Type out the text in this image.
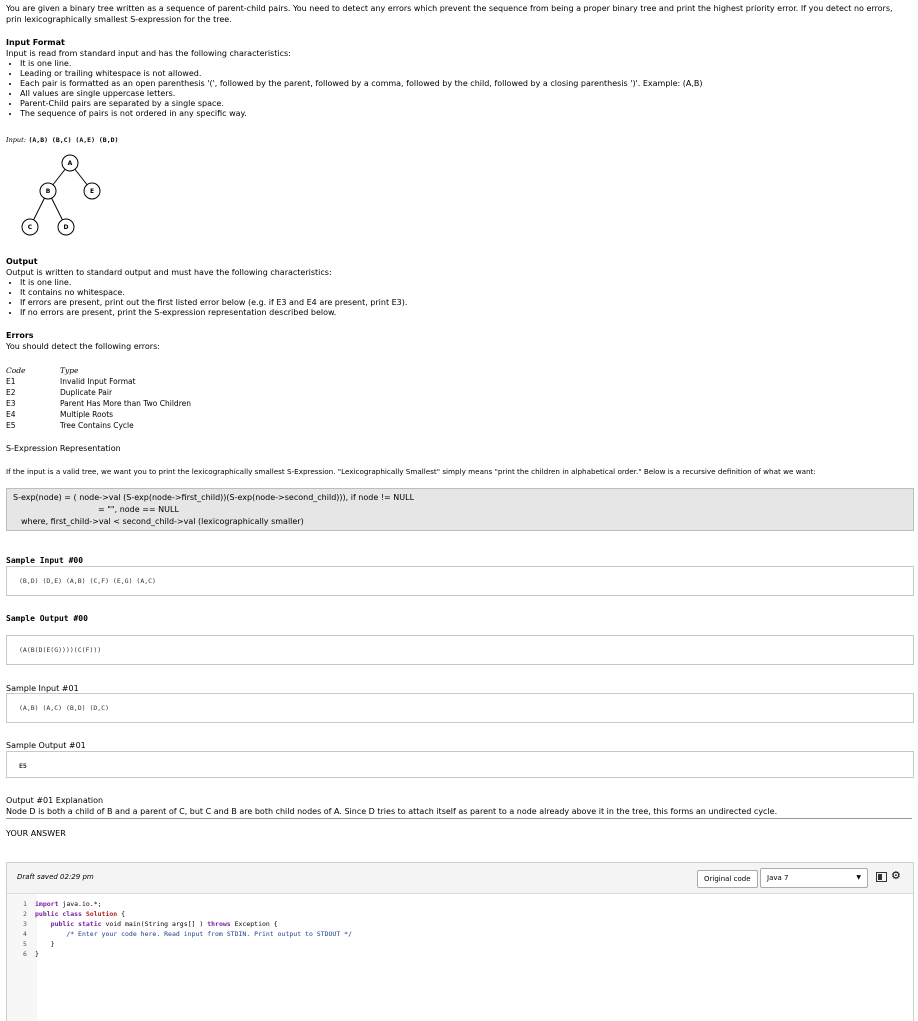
You are given a binary tree written as a sequence of parent-child pairs. You need to detect any errors which prevent the sequence from being a proper binary tree and print the highest priority error. If you detect no errors, prin lexicographically smallest S-expression for the tree.
Input Format
Input is read from standard input and has the following characteristics:
• It is one line.
• Leading or trailing whitespace is not allowed.
• Each pair is formatted as an open parenthesis '(', followed by the parent, followed by a comma, followed by the child, followed by a closing parenthesis ')'. Example: (A,B)
• All values are single uppercase letters.
• Parent-Child pairs are separated by a single space.
• The sequence of pairs is not ordered in any specific way.
Input: (A,B) (B,C) (A,E) (B,D)
A
B	E
C	D
Output
Output is written to standard output and must have the following characteristics:
• It is one line.
• It contains no whitespace.
• If errors are present, print out the first listed error below (e.g. if E3 and E4 are present, print E3).
• If no errors are present, print the S-expression representation described below.
Errors
You should detect the following errors:
Code	Type
E1	Invalid Input Format
E2	Duplicate Pair
E3	Parent Has More than Two Children
E4	Multiple Roots
E5	Tree Contains Cycle
S-Expression Representation
If the input is a valid tree, we want you to print the lexicographically smallest S-Expression. "Lexicographically Smallest" simply means "print the children in alphabetical order." Below is a recursive definition of what we want:
S-exp(node) = ( node->val (S-exp(node->first_child))(S-exp(node->second_child))), if node != NULL
= "", node == NULL
where, first_child->val < second_child->val (lexicographically smaller)
Sample Input #00
(B,D) (D,E) (A,B) (C,F) (E,G) (A,C)
Sample Output #00
(A(B(D(E(G))))(C(F)))
Sample Input #01
(A,B) (A,C) (B,D) (D,C)
Sample Output #01
E5
Output #01 Explanation
Node D is both a child of B and a parent of C, but C and B are both child nodes of A. Since D tries to attach itself as parent to a node already above it in the tree, this forms an undirected cycle.
YOUR ANSWER
Draft saved 02:29 pm	Original code	Java 7	▼	⚙
1 import java.io.*;
2 public class Solution {
3	public static void main(String args[] ) throws Exception {
4	/* Enter your code here. Read input from STDIN. Print output to STDOUT */
5    }
6 }
